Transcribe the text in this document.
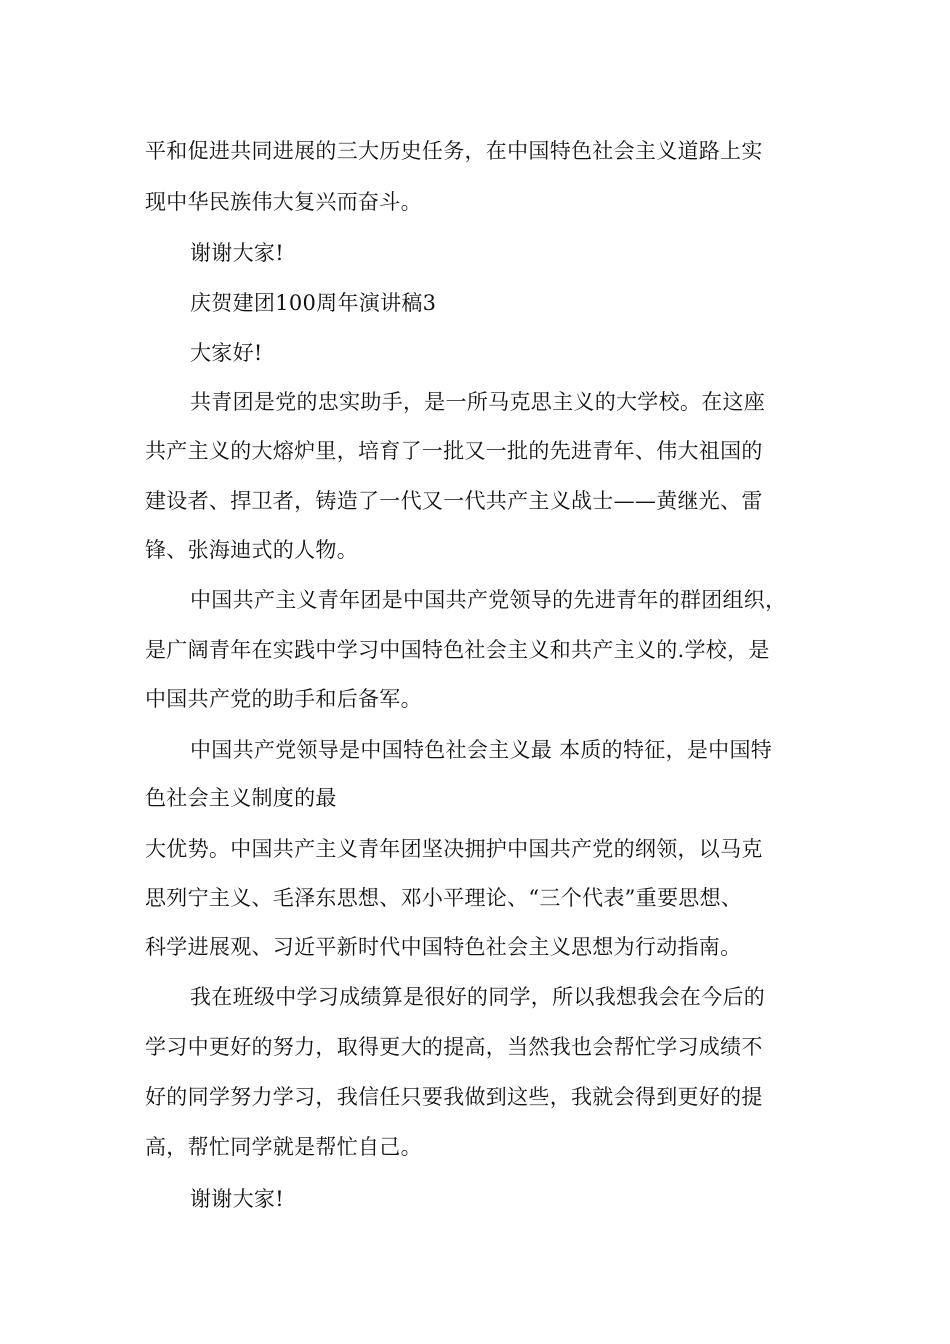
平和促进共同进展的三大历史任务，在中国特色社会主义道路上实
现中华民族伟大复兴而奋斗。
谢谢大家!
庆贺建团100周年演讲稿3
大家好!
共青团是党的忠实助手，是一所马克思主义的大学校。在这座
共产主义的大熔炉里，培育了一批又一批的先进青年、伟大祖国的
建设者、捍卫者，铸造了一代又一代共产主义战士——黄继光、雷
锋、张海迪式的人物。
中国共产主义青年团是中国共产党领导的先进青年的群团组织，
是广阔青年在实践中学习中国特色社会主义和共产主义的.学校，是
中国共产党的助手和后备军。
中国共产党领导是中国特色社会主义最 本质的特征，是中国特
色社会主义制度的最
大优势。中国共产主义青年团坚决拥护中国共产党的纲领，以马克
思列宁主义、毛泽东思想、邓小平理论、“三个代表”重要思想、
科学进展观、习近平新时代中国特色社会主义思想为行动指南。
我在班级中学习成绩算是很好的同学，所以我想我会在今后的
学习中更好的努力，取得更大的提高，当然我也会帮忙学习成绩不
好的同学努力学习，我信任只要我做到这些，我就会得到更好的提
高，帮忙同学就是帮忙自己。
谢谢大家!
